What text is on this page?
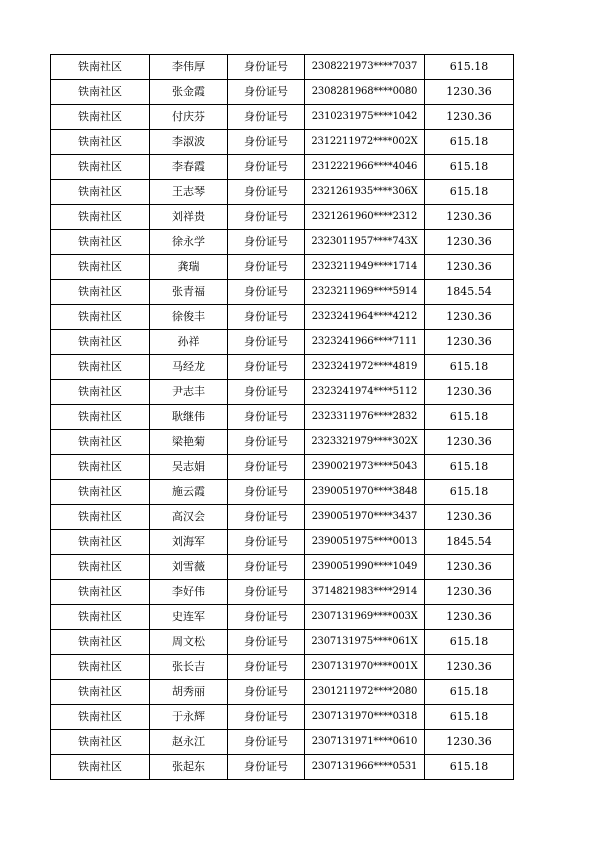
铁南社区	李伟厚	身份证号	2308221973****7037	615.18
铁南社区	张金霞	身份证号	2308281968****0080	1230.36
铁南社区	付庆芬	身份证号	2310231975****1042	1230.36
铁南社区	李淑波	身份证号	2312211972****002X	615.18
铁南社区	李春霞	身份证号	2312221966****4046	615.18
铁南社区	王志琴	身份证号	2321261935****306X	615.18
铁南社区	刘祥贵	身份证号	2321261960****2312	1230.36
铁南社区	徐永学	身份证号	2323011957****743X	1230.36
铁南社区	龚瑞	身份证号	2323211949****1714	1230.36
铁南社区	张青福	身份证号	2323211969****5914	1845.54
铁南社区	徐俊丰	身份证号	2323241964****4212	1230.36
铁南社区	孙祥	身份证号	2323241966****7111	1230.36
铁南社区	马经龙	身份证号	2323241972****4819	615.18
铁南社区	尹志丰	身份证号	2323241974****5112	1230.36
铁南社区	耿继伟	身份证号	2323311976****2832	615.18
铁南社区	梁艳菊	身份证号	2323321979****302X	1230.36
铁南社区	吴志娟	身份证号	2390021973****5043	615.18
铁南社区	施云霞	身份证号	2390051970****3848	615.18
铁南社区	高汉会	身份证号	2390051970****3437	1230.36
铁南社区	刘海军	身份证号	2390051975****0013	1845.54
铁南社区	刘雪薇	身份证号	2390051990****1049	1230.36
铁南社区	李好伟	身份证号	3714821983****2914	1230.36
铁南社区	史连军	身份证号	2307131969****003X	1230.36
铁南社区	周文松	身份证号	2307131975****061X	615.18
铁南社区	张长吉	身份证号	2307131970****001X	1230.36
铁南社区	胡秀丽	身份证号	2301211972****2080	615.18
铁南社区	于永辉	身份证号	2307131970****0318	615.18
铁南社区	赵永江	身份证号	2307131971****0610	1230.36
铁南社区	张起东	身份证号	2307131966****0531	615.18
